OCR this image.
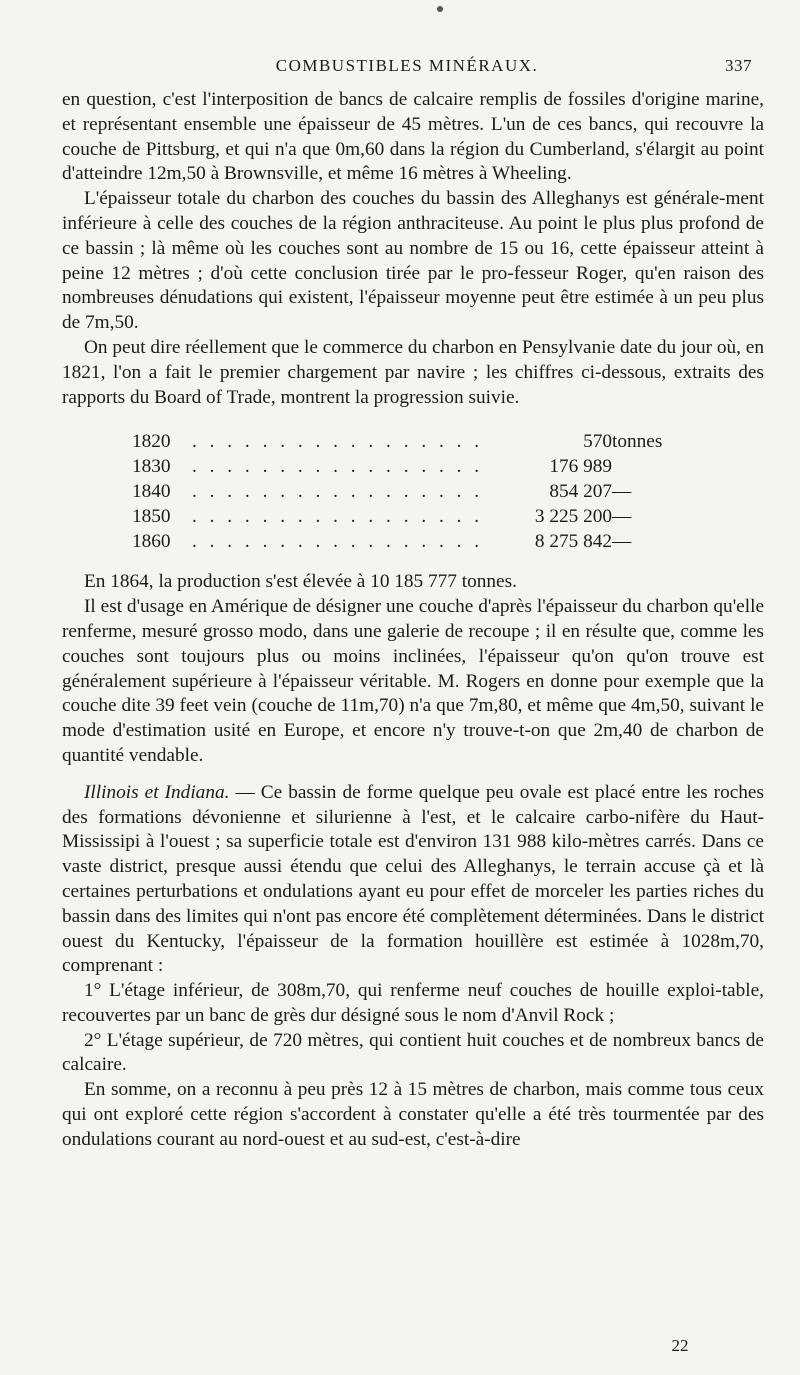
COMBUSTIBLES MINÉRAUX.	337

en question, c'est l'interposition de bancs de calcaire remplis de fossiles d'origine marine, et représentant ensemble une épaisseur de 45 mètres. L'un de ces bancs, qui recouvre la couche de Pittsburg, et qui n'a que 0m,60 dans la région du Cumberland, s'élargit au point d'atteindre 12m,50 à Brownsville, et même 16 mètres à Wheeling.

L'épaisseur totale du charbon des couches du bassin des Alleghanys est générale-ment inférieure à celle des couches de la région anthraciteuse. Au point le plus plus profond de ce bassin ; là même où les couches sont au nombre de 15 ou 16, cette épaisseur atteint à peine 12 mètres ; d'où cette conclusion tirée par le pro-fesseur Roger, qu'en raison des nombreuses dénudations qui existent, l'épaisseur moyenne peut être estimée à un peu plus de 7m,50.

On peut dire réellement que le commerce du charbon en Pensylvanie date du jour où, en 1821, l'on a fait le premier chargement par navire ; les chiffres ci-dessous, extraits des rapports du Board of Trade, montrent la progression suivie.

1820	. . . . . . . . . . . . . . . . .	570	tonnes
1830	. . . . . . . . . . . . . . . . .	176 989	
1840	. . . . . . . . . . . . . . . . .	854 207	—
1850	. . . . . . . . . . . . . . . . .	3 225 200	—
1860	. . . . . . . . . . . . . . . . .	8 275 842	—

En 1864, la production s'est élevée à 10 185 777 tonnes.

Il est d'usage en Amérique de désigner une couche d'après l'épaisseur du charbon qu'elle renferme, mesuré grosso modo, dans une galerie de recoupe ; il en résulte que, comme les couches sont toujours plus ou moins inclinées, l'épaisseur qu'on qu'on trouve est généralement supérieure à l'épaisseur véritable. M. Rogers en donne pour exemple que la couche dite 39 feet vein (couche de 11m,70) n'a que 7m,80, et même que 4m,50, suivant le mode d'estimation usité en Europe, et encore n'y trouve-t-on que 2m,40 de charbon de quantité vendable.

Illinois et Indiana. — Ce bassin de forme quelque peu ovale est placé entre les roches des formations dévonienne et silurienne à l'est, et le calcaire carbo-nifère du Haut-Mississipi à l'ouest ; sa superficie totale est d'environ 131 988 kilo-mètres carrés. Dans ce vaste district, presque aussi étendu que celui des Alleghanys, le terrain accuse çà et là certaines perturbations et ondulations ayant eu pour effet de morceler les parties riches du bassin dans des limites qui n'ont pas encore été complètement déterminées. Dans le district ouest du Kentucky, l'épaisseur de la formation houillère est estimée à 1028m,70, comprenant :

1° L'étage inférieur, de 308m,70, qui renferme neuf couches de houille exploi-table, recouvertes par un banc de grès dur désigné sous le nom d'Anvil Rock ;

2° L'étage supérieur, de 720 mètres, qui contient huit couches et de nombreux bancs de calcaire.

En somme, on a reconnu à peu près 12 à 15 mètres de charbon, mais comme tous ceux qui ont exploré cette région s'accordent à constater qu'elle a été très tourmentée par des ondulations courant au nord-ouest et au sud-est, c'est-à-dire

22
